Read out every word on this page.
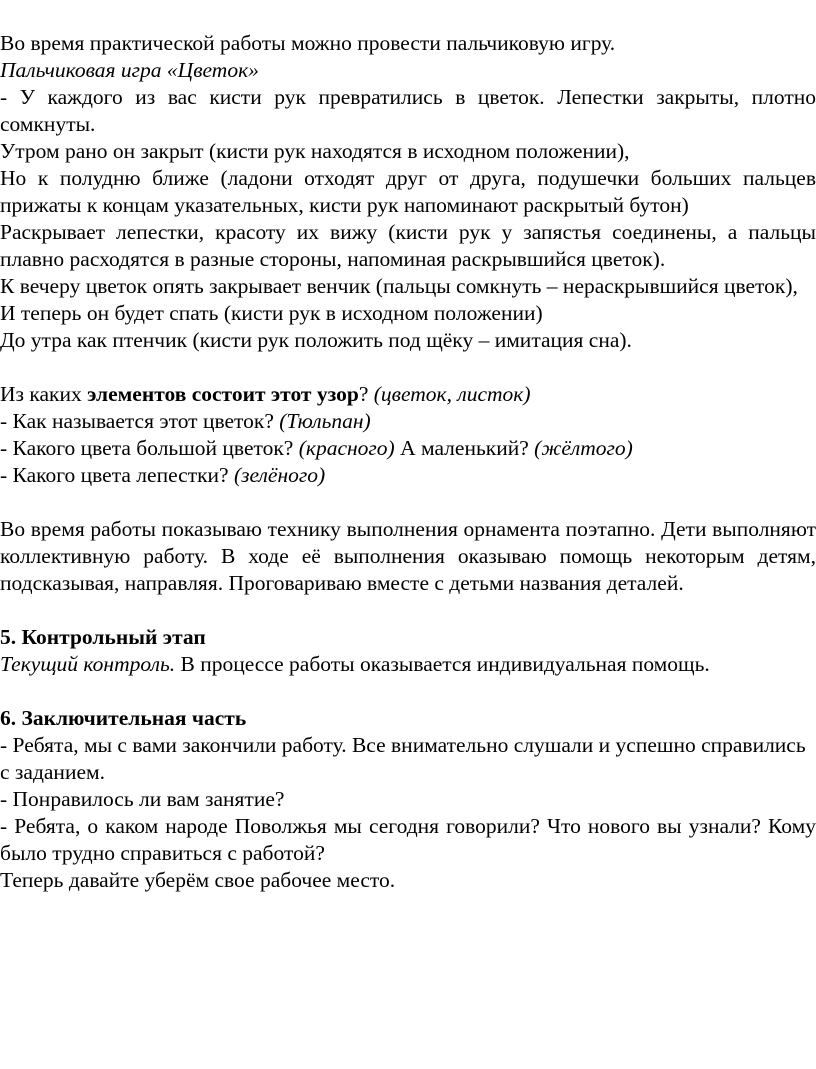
Во время практической работы можно провести пальчиковую игру.

Пальчиковая игра «Цветок»

- У каждого из вас кисти рук превратились в цветок. Лепестки закрыты, плотно сомкнуты.

Утром рано он закрыт (кисти рук находятся в исходном положении),

Но к полудню ближе (ладони отходят друг от друга, подушечки больших пальцев прижаты к концам указательных, кисти рук напоминают раскрытый бутон)

Раскрывает лепестки, красоту их вижу (кисти рук у запястья соединены, а пальцы плавно расходятся в разные стороны, напоминая раскрывшийся цветок).

К вечеру цветок опять закрывает венчик (пальцы сомкнуть – нераскрывшийся цветок),

И теперь он будет спать (кисти рук в исходном положении)

До утра как птенчик (кисти рук положить под щёку – имитация сна).

Из каких элементов состоит этот узор? (цветок, листок)

- Как называется этот цветок? (Тюльпан)

- Какого цвета большой цветок? (красного) А маленький? (жёлтого)

- Какого цвета лепестки? (зелёного)

Во время работы показываю технику выполнения орнамента поэтапно. Дети выполняют коллективную работу. В ходе её выполнения оказываю помощь некоторым детям, подсказывая, направляя. Проговариваю вместе с детьми названия деталей.

5. Контрольный этап

Текущий контроль. В процессе работы оказывается индивидуальная помощь.

6. Заключительная часть

- Ребята, мы с вами закончили работу. Все внимательно слушали и успешно справились с заданием.

- Понравилось ли вам занятие?

- Ребята, о каком народе Поволжья мы сегодня говорили? Что нового вы узнали? Кому было трудно справиться с работой?

Теперь давайте уберём свое рабочее место.
